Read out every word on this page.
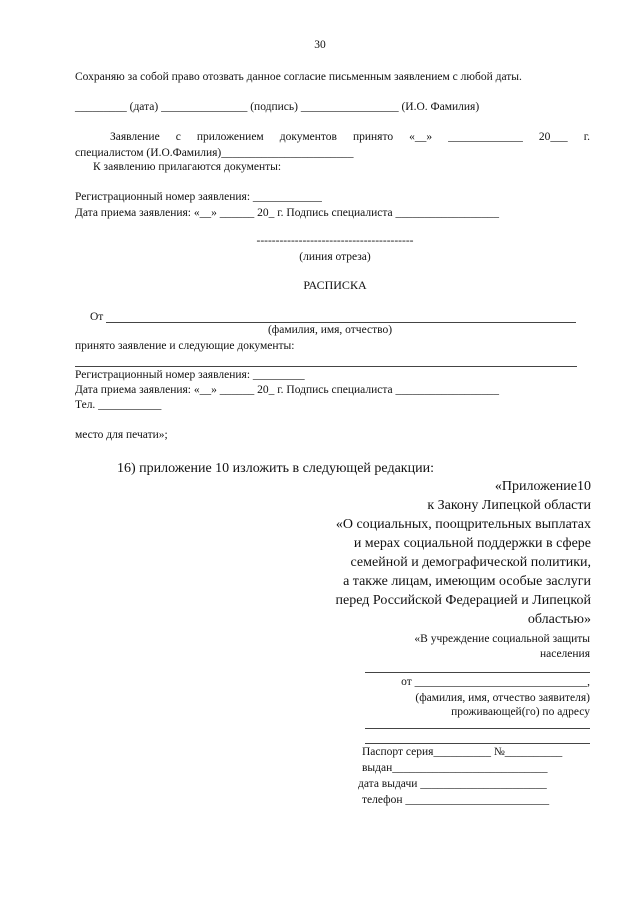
30
Сохраняю за собой право отозвать данное согласие письменным заявлением с любой даты.
_________ (дата) _______________ (подпись) _________________ (И.О. Фамилия)
Заявление с приложением документов принято «__» _____________ 20___ г.
специалистом (И.О.Фамилия)_______________________
К заявлению прилагаются документы:
Регистрационный номер заявления: ____________
Дата приема заявления: «__» ______ 20_ г. Подпись специалиста __________________
-----------------------------------------
(линия отреза)
РАСПИСКА
От
(фамилия, имя, отчество)
принято заявление и следующие документы:
Регистрационный номер заявления: _________
Дата приема заявления: «__» ______ 20_ г. Подпись специалиста __________________
Тел. ___________
место для печати»;
16) приложение 10 изложить в следующей редакции:
«Приложение10
к Закону Липецкой области
«О социальных, поощрительных выплатах
и мерах социальной поддержки в сфере
семейной и демографической политики,
а также лицам, имеющим особые заслуги
перед Российской Федерацией и Липецкой
областью»
«В учреждение социальной защиты
населения
от ______________________________,
(фамилия, имя, отчество заявителя)
проживающей(го) по адресу
Паспорт серия__________ №__________
выдан___________________________
дата выдачи ______________________
телефон _________________________
